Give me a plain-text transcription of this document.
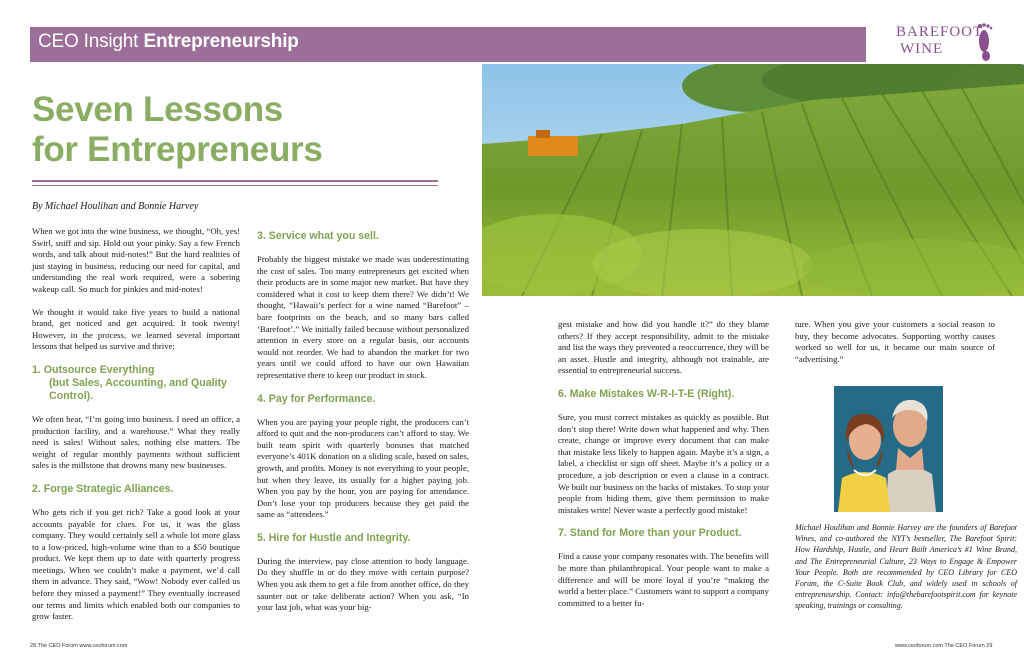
CEO Insight Entrepreneurship	BAREFOOT
WINE
Seven Lessons
for Entrepreneurs
By Michael Houlihan and Bonnie Harvey

When we got into the wine business, we thought, “Oh, yes! Swirl, sniff and sip. Hold out your pinky. Say a few French words, and talk about mid-notes!” But the hard realities of just staying in business, reducing our need for capital, and understanding the real work required, were a sobering wakeup call. So much for pinkies and mid-notes!

We thought it would take five years to build a national brand, get noticed and get acquired. It took twenty! However, in the process, we learned several important lessons that helped us survive and thrive:

1. Outsource Everything
(but Sales, Accounting, and Quality Control).

We often hear, “I’m going into business. I need an office, a production facility, and a warehouse.” What they really need is sales! Without sales, nothing else matters. The weight of regular monthly payments without sufficient sales is the millstone that drowns many new businesses.

2. Forge Strategic Alliances.

Who gets rich if you get rich? Take a good look at your accounts payable for clues. For us, it was the glass company. They would certainly sell a whole lot more glass to a low-priced, high-volume wine than to a $50 boutique product. We kept them up to date with quarterly progress meetings. When we couldn’t make a payment, we’d call them in advance. They said, “Wow! Nobody ever called us before they missed a payment!” They eventually increased our terms and limits which enabled both our companies to grow faster.

3. Service what you sell.

Probably the biggest mistake we made was underestimating the cost of sales. Too many entrepreneurs get excited when their products are in some major new market. But have they considered what it cost to keep them there? We didn’t! We thought, “Hawaii’s perfect for a wine named “Barefoot” – bare footprints on the beach, and so many bars called ‘Barefoot’.” We initially failed because without personalized attention in every store on a regular basis, our accounts would not reorder. We had to abandon the market for two years until we could afford to have our own Hawaiian representative there to keep our product in stock.

4. Pay for Performance.

When you are paying your people right, the producers can’t afford to quit and the non-producers can’t afford to stay. We built team spirit with quarterly bonuses that matched everyone’s 401K donation on a sliding scale, based on sales, growth, and profits. Money is not everything to your people, but when they leave, its usually for a higher paying job. When you pay by the hour, you are paying for attendance. Don’t lose your top producers because they get paid the same as “attendees.”

5. Hire for Hustle and Integrity.

During the interview, pay close attention to body language. Do they shuffle in or do they move with certain purpose? When you ask them to get a file from another office, do they saunter out or take deliberate action? When you ask, “In your last job, what was your big-

gest mistake and how did you handle it?” do they blame others? If they accept responsibility, admit to the mistake and list the ways they prevented a reoccurrence, they will be an asset. Hustle and integrity, although not trainable, are essential to entrepreneurial success.

6. Make Mistakes W-R-I-T-E (Right).

Sure, you must correct mistakes as quickly as possible. But don’t stop there! Write down what happened and why. Then create, change or improve every document that can make that mistake less likely to happen again. Maybe it’s a sign, a label, a checklist or sign off sheet. Maybe it’s a policy or a procedure, a job description or even a clause in a contract. We built our business on the backs of mistakes. To stop your people from hiding them, give them permission to make mistakes write! Never waste a perfectly good mistake!

7. Stand for More than your Product.

Find a cause your company resonates with. The benefits will be more than philanthropical. Your people want to make a difference and will be more loyal if you’re “making the world a better place.” Customers want to support a company committed to a better fu-

ture. When you give your customers a social reason to buy, they become advocates. Supporting worthy causes worked so well for us, it became our main source of “advertising.”

Michael Houlihan and Bonnie Harvey are the founders of Barefoot Wines, and co-authored the NYT’s bestseller, The Barefoot Spirit: How Hardship, Hustle, and Heart Built America’s #1 Wine Brand, and The Entrepreneurial Culture, 23 Ways to Engage & Empower Your People. Both are recommended by CEO Library for CEO Forum, the C-Suite Book Club, and widely used in schools of entrepreneurship. Contact: info@thebarefootspirit.com for keynote speaking, trainings or consulting.
28 The CEO Forum www.ceoforum.com	www.ceoforum.com The CEO Forum 29
